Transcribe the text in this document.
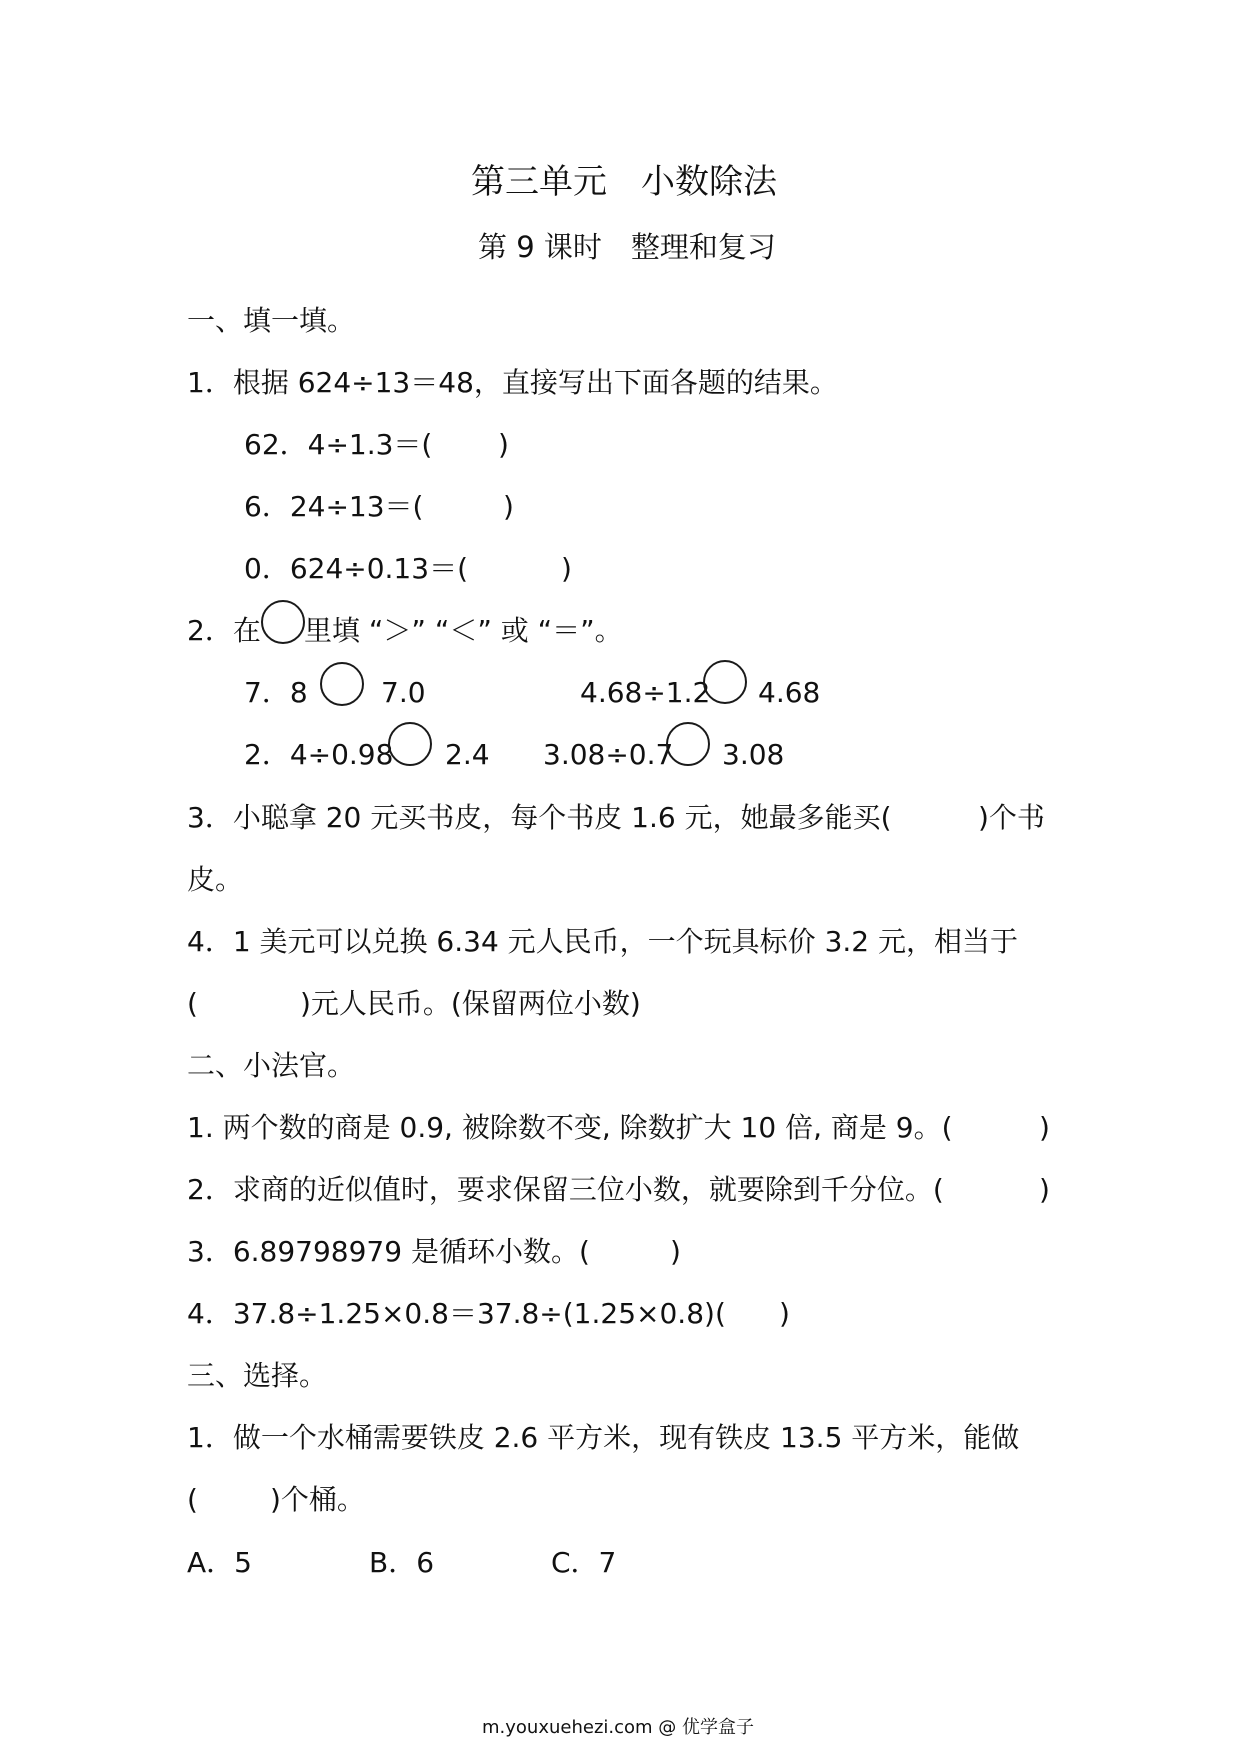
第三单元　小数除法
第 9 课时　整理和复习
一、填一填。
1．根据 624÷13＝48，直接写出下面各题的结果。
62．4÷1.3＝( )
6．24÷13＝(	)
0．624÷0.13＝(	)
2．在 里填 “＞” “＜” 或 “＝”。
7．8	7.0	4.68÷1.2 4.68
2．4÷0.98 2.4 3.08÷0.7 3.08
3．小聪拿 20 元买书皮，每个书皮 1.6 元，她最多能买(	)个书
皮。
4．1 美元可以兑换 6.34 元人民币，一个玩具标价 3.2 元，相当于
(	)元人民币。(保留两位小数)
二、小法官。
1. 两个数的商是 0.9, 被除数不变, 除数扩大 10 倍, 商是 9。(	)
2．求商的近似值时，要求保留三位小数，就要除到千分位。(	)
3．6.89798979 是循环小数。(	)
4．37.8÷1.25×0.8＝37.8÷(1.25×0.8)( )
三、选择。
1．做一个水桶需要铁皮 2.6 平方米，现有铁皮 13.5 平方米，能做
(	)个桶。
A．5	B．6	C．7
m.youxuehezi.com @ 优学盒子
